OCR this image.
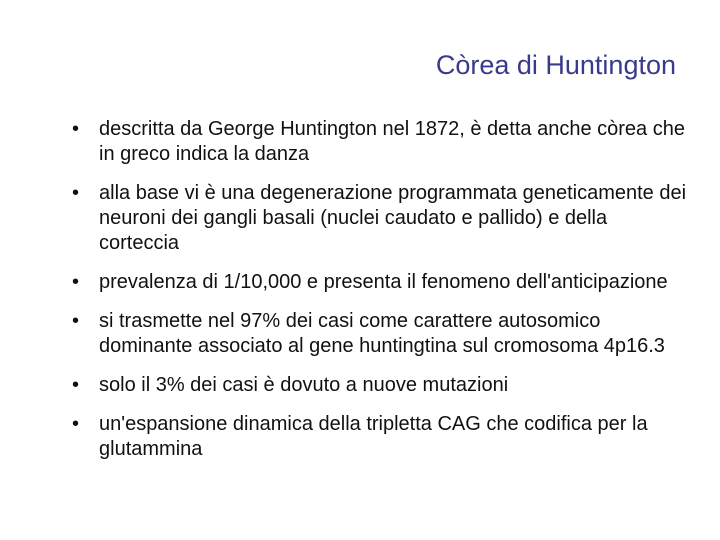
Còrea di Huntington
• descritta da George Huntington nel 1872, è detta anche còrea che in greco indica la danza
• alla base vi è una degenerazione programmata geneticamente dei neuroni dei gangli basali (nuclei caudato e pallido) e della corteccia
• prevalenza di 1/10,000 e presenta il fenomeno dell'anticipazione
• si trasmette nel 97% dei casi come carattere autosomico dominante associato al gene huntingtina sul cromosoma 4p16.3
• solo il 3% dei casi è dovuto a nuove mutazioni
• un'espansione dinamica della tripletta CAG che codifica per la glutammina
